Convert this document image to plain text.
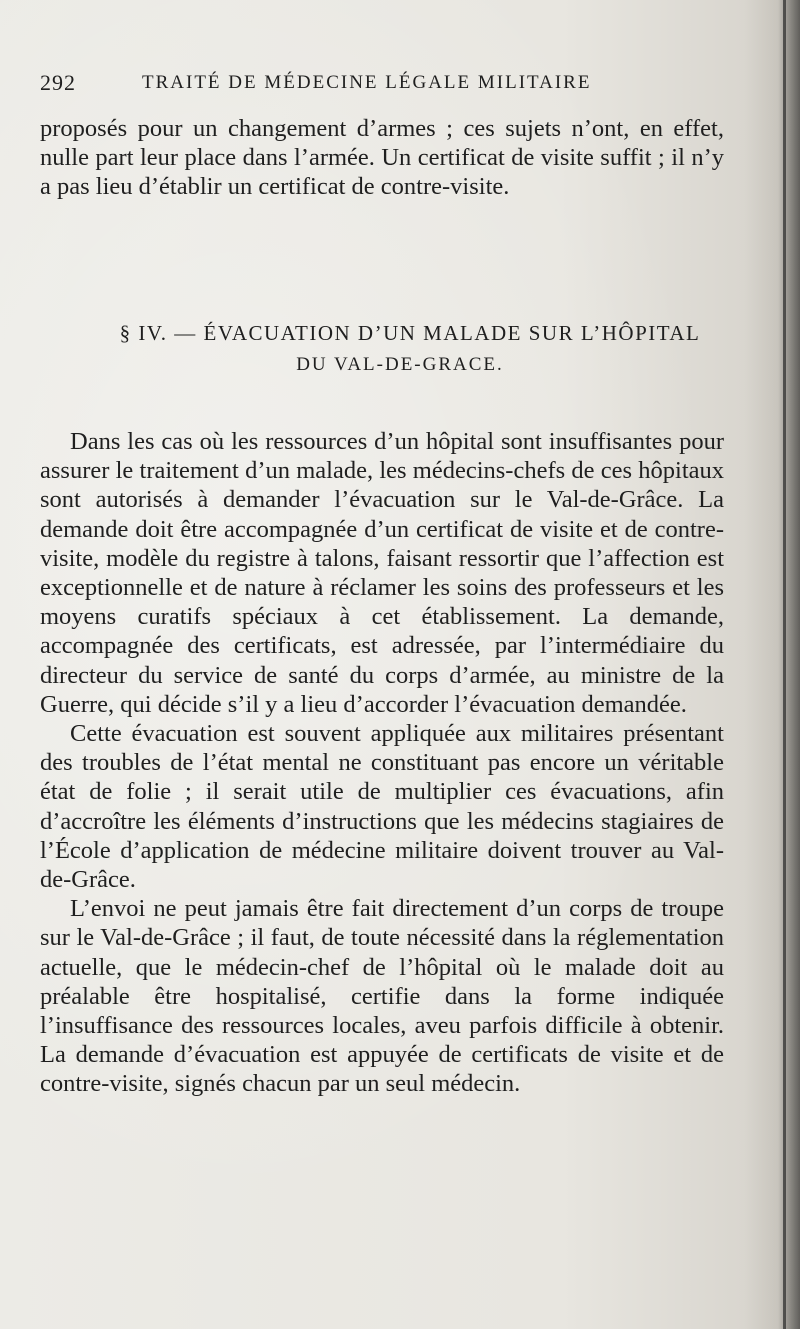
292	TRAITÉ DE MÉDECINE LÉGALE MILITAIRE

proposés pour un changement d’armes ; ces sujets n’ont, en effet, nulle part leur place dans l’armée. Un certificat de visite suffit ; il n’y a pas lieu d’établir un certificat de contre-visite.

§ IV. — ÉVACUATION D’UN MALADE SUR L’HÔPITAL
DU VAL-DE-GRACE.

Dans les cas où les ressources d’un hôpital sont insuffisantes pour assurer le traitement d’un malade, les médecins-chefs de ces hôpitaux sont autorisés à demander l’évacuation sur le Val-de-Grâce. La demande doit être accompagnée d’un certificat de visite et de contre-visite, modèle du registre à talons, faisant ressortir que l’affection est exceptionnelle et de nature à réclamer les soins des professeurs et les moyens curatifs spéciaux à cet établissement. La demande, accompagnée des certificats, est adressée, par l’intermédiaire du directeur du service de santé du corps d’armée, au ministre de la Guerre, qui décide s’il y a lieu d’accorder l’évacuation demandée.

Cette évacuation est souvent appliquée aux militaires présentant des troubles de l’état mental ne constituant pas encore un véritable état de folie ; il serait utile de multiplier ces évacuations, afin d’accroître les éléments d’instructions que les médecins stagiaires de l’École d’application de médecine militaire doivent trouver au Val-de-Grâce.

L’envoi ne peut jamais être fait directement d’un corps de troupe sur le Val-de-Grâce ; il faut, de toute nécessité dans la réglementation actuelle, que le médecin-chef de l’hôpital où le malade doit au préalable être hospitalisé, certifie dans la forme indiquée l’insuffisance des ressources locales, aveu parfois difficile à obtenir. La demande d’évacuation est appuyée de certificats de visite et de contre-visite, signés chacun par un seul médecin.
